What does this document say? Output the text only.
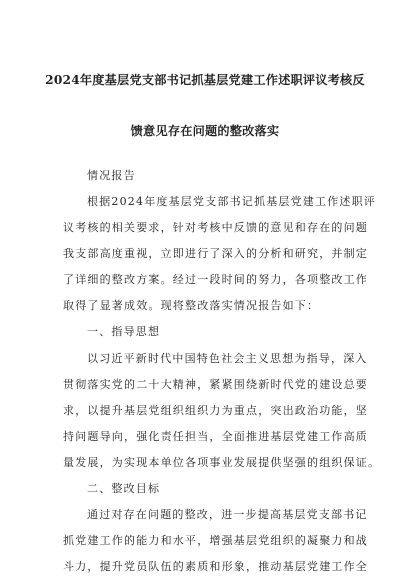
2024年度基层党支部书记抓基层党建工作述职评议考核反
馈意见存在问题的整改落实
情况报告
根据2024年度基层党支部书记抓基层党建工作述职评
议考核的相关要求，针对考核中反馈的意见和存在的问题
我支部高度重视，立即进行了深入的分析和研究，并制定
了详细的整改方案。经过一段时间的努力，各项整改工作
取得了显著成效。现将整改落实情况报告如下：
一、指导思想
以习近平新时代中国特色社会主义思想为指导，深入
贯彻落实党的二十大精神，紧紧围绕新时代党的建设总要
求，以提升基层党组织组织力为重点，突出政治功能，坚
持问题导向，强化责任担当，全面推进基层党建工作高质
量发展，为实现本单位各项事业发展提供坚强的组织保证。
二、整改目标
通过对存在问题的整改，进一步提高基层党支部书记
抓党建工作的能力和水平，增强基层党组织的凝聚力和战
斗力，提升党员队伍的素质和形象，推动基层党建工作全
